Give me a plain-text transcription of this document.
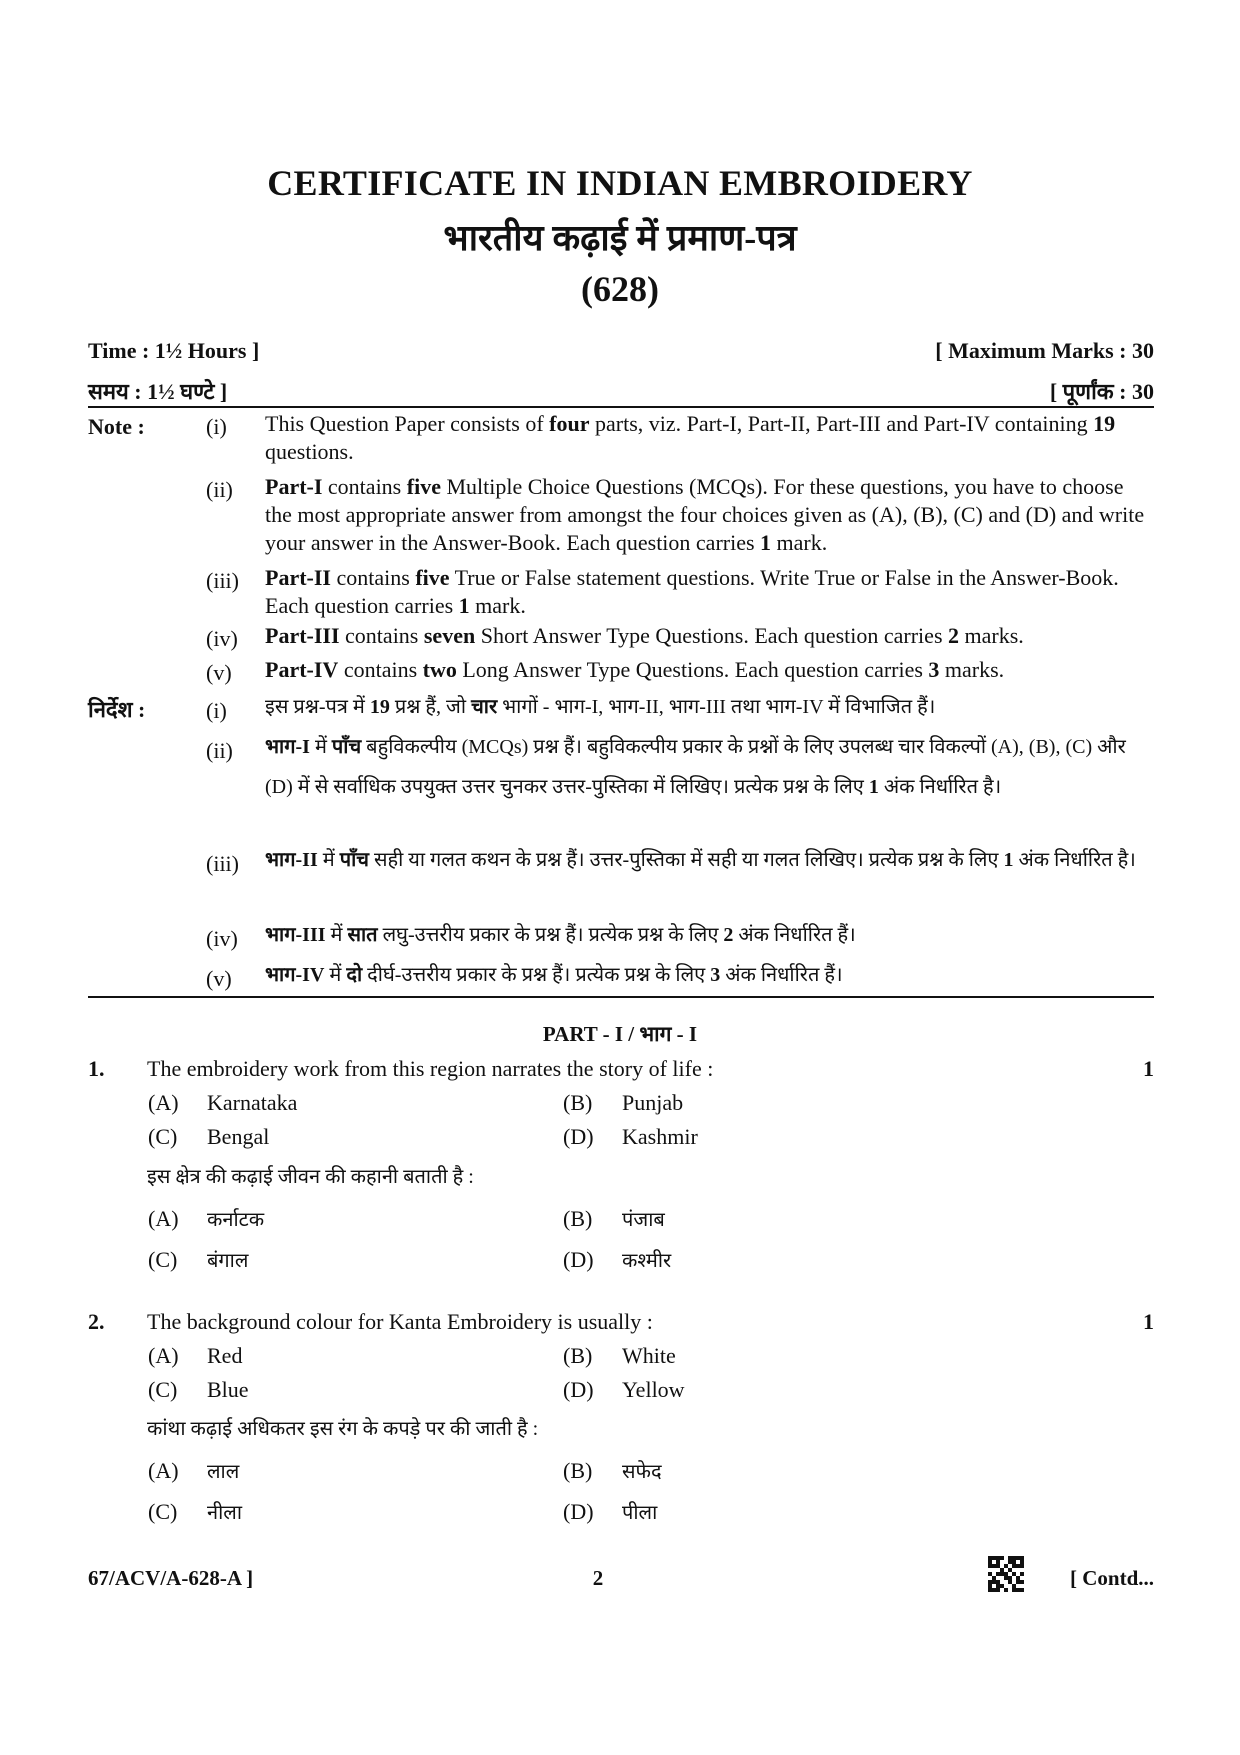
CERTIFICATE IN INDIAN EMBROIDERY
भारतीय कढ़ाई में प्रमाण-पत्र
(628)
Time : 1½ Hours ]	[ Maximum Marks : 30
समय : 1½ घण्टे ]	[ पूर्णांक : 30
Note :	(i) This Question Paper consists of four parts, viz. Part-I, Part-II, Part-III and Part-IV containing 19 questions.
(ii) Part-I contains five Multiple Choice Questions (MCQs). For these questions, you have to choose the most appropriate answer from amongst the four choices given as (A), (B), (C) and (D) and write your answer in the Answer-Book. Each question carries 1 mark.
(iii) Part-II contains five True or False statement questions. Write True or False in the Answer-Book. Each question carries 1 mark.
(iv) Part-III contains seven Short Answer Type Questions. Each question carries 2 marks.
(v) Part-IV contains two Long Answer Type Questions. Each question carries 3 marks.
निर्देश :	(i) इस प्रश्न-पत्र में 19 प्रश्न हैं, जो चार भागों - भाग-I, भाग-II, भाग-III तथा भाग-IV में विभाजित हैं।
(ii) भाग-I में पाँच बहुविकल्पीय (MCQs) प्रश्न हैं। बहुविकल्पीय प्रकार के प्रश्नों के लिए उपलब्ध चार विकल्पों (A), (B), (C) और (D) में से सर्वाधिक उपयुक्त उत्तर चुनकर उत्तर-पुस्तिका में लिखिए। प्रत्येक प्रश्न के लिए 1 अंक निर्धारित है।
(iii) भाग-II में पाँच सही या गलत कथन के प्रश्न हैं। उत्तर-पुस्तिका में सही या गलत लिखिए। प्रत्येक प्रश्न के लिए 1 अंक निर्धारित है।
(iv) भाग-III में सात लघु-उत्तरीय प्रकार के प्रश्न हैं। प्रत्येक प्रश्न के लिए 2 अंक निर्धारित हैं।
(v) भाग-IV में दो दीर्घ-उत्तरीय प्रकार के प्रश्न हैं। प्रत्येक प्रश्न के लिए 3 अंक निर्धारित हैं।
PART - I / भाग - I
1. The embroidery work from this region narrates the story of life :	1
(A) Karnataka	(B) Punjab
(C) Bengal	(D) Kashmir
इस क्षेत्र की कढ़ाई जीवन की कहानी बताती है :
(A) कर्नाटक	(B) पंजाब
(C) बंगाल	(D) कश्मीर
2. The background colour for Kanta Embroidery is usually :	1
(A) Red	(B) White
(C) Blue	(D) Yellow
कांथा कढ़ाई अधिकतर इस रंग के कपड़े पर की जाती है :
(A) लाल	(B) सफेद
(C) नीला	(D) पीला
67/ACV/A-628-A ]	2	[ Contd...
